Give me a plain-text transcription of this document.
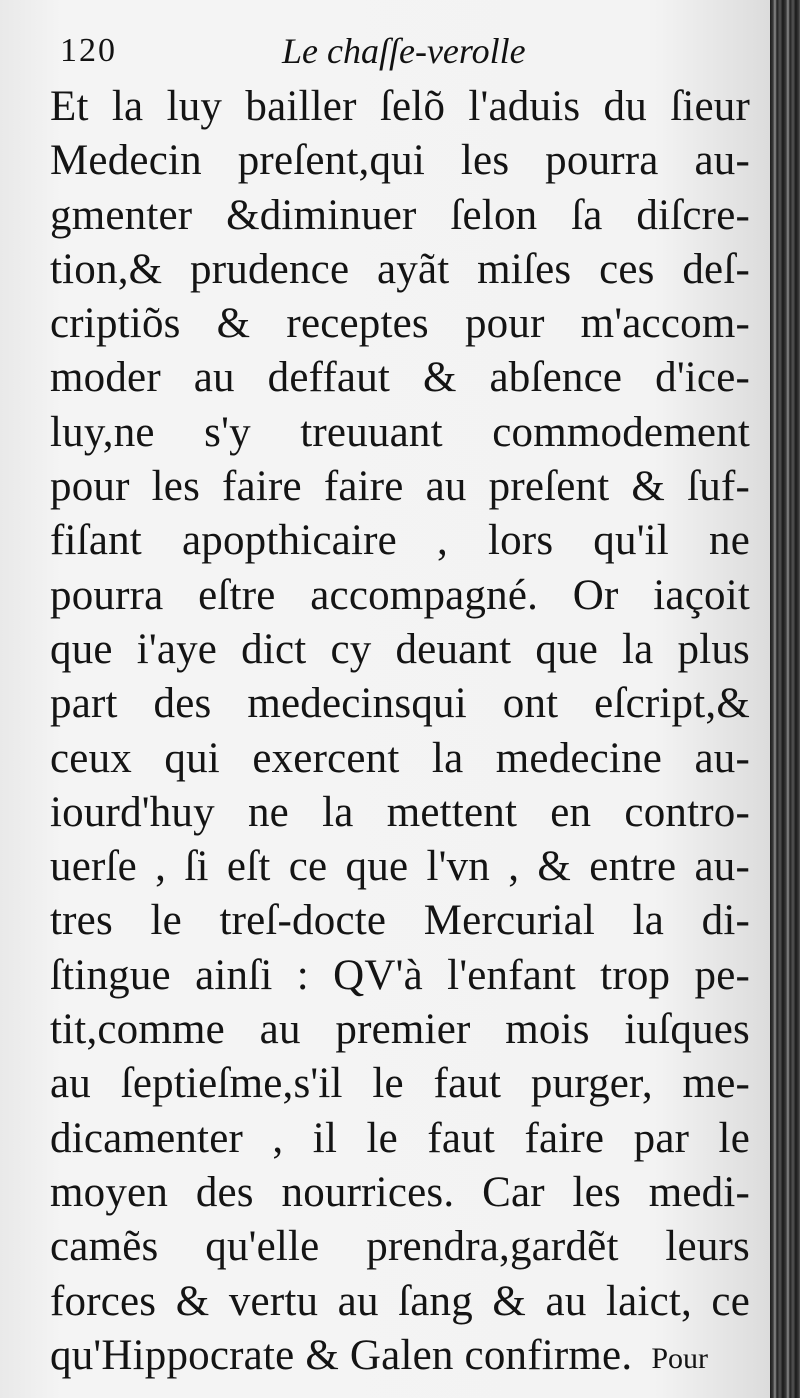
120	Le chaſſe-verolle
Et la luy bailler ſelõ l'aduis du ſieur
Medecin preſent,qui les pourra au-
gmenter &diminuer ſelon ſa diſcre-
tion,& prudence ayãt miſes ces deſ-
criptiõs & receptes pour m'accom-
moder au deffaut & abſence d'ice-
luy,ne s'y treuuant commodement
pour les faire faire au preſent & ſuf-
fiſant apopthicaire , lors qu'il ne
pourra eſtre accompagné. Or iaçoit
que i'aye dict cy deuant que la plus
part des medecinsqui ont eſcript,&
ceux qui exercent la medecine au-
iourd'huy ne la mettent en contro-
uerſe , ſi eſt ce que l'vn , & entre au-
tres le treſ-docte Mercurial la di-
ſtingue ainſi : QV'à l'enfant trop pe-
tit,comme au premier mois iuſques
au ſeptieſme,s'il le faut purger, me-
dicamenter , il le faut faire par le
moyen des nourrices. Car les medi-
camẽs qu'elle prendra,gardẽt leurs
forces & vertu au ſang & au laict, ce
qu'Hippocrate & Galen confirme. Pour
